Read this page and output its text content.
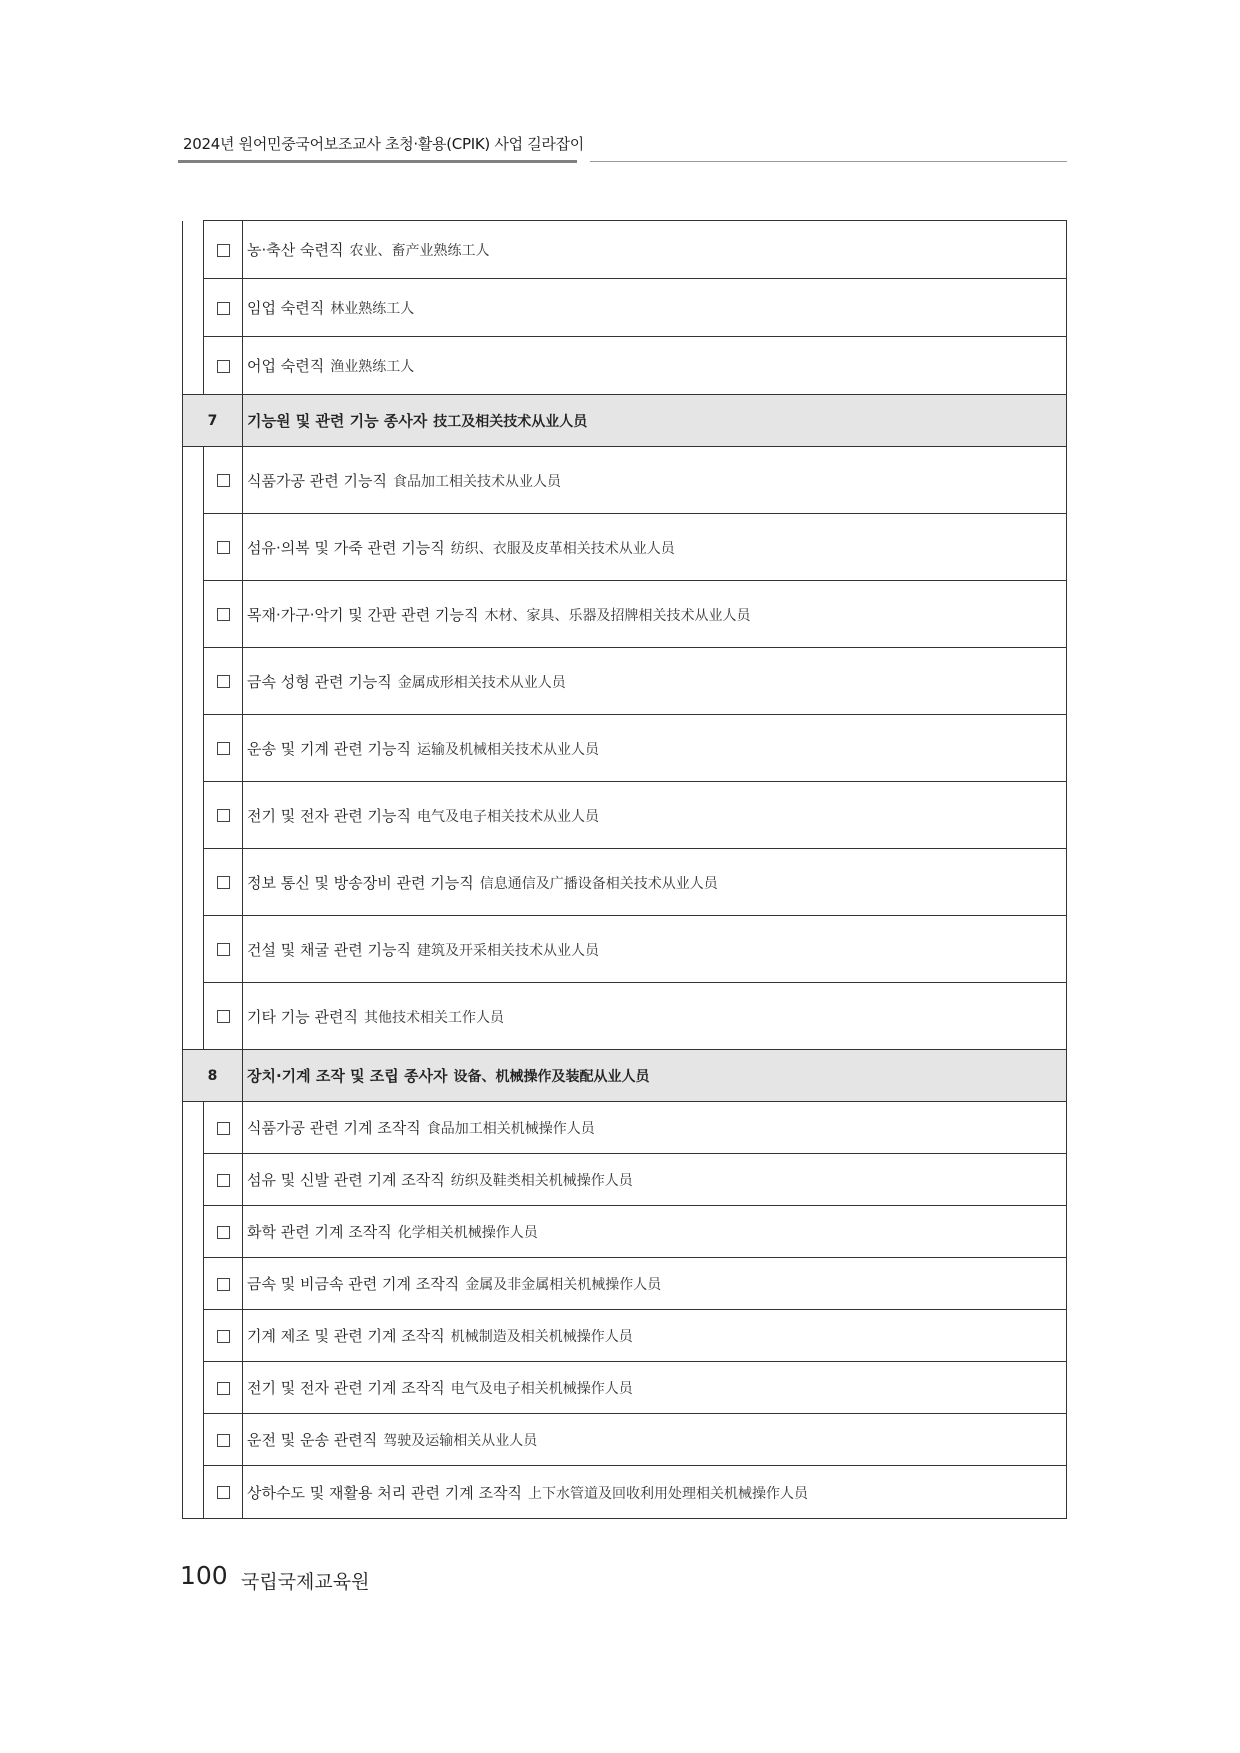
2024년 원어민중국어보조교사 초청·활용(CPIK) 사업 길라잡이
		농·축산 숙련직 农业、畜产业熟练工人
		임업 숙련직 林业熟练工人
		어업 숙련직 渔业熟练工人
7		기능원 및 관련 기능 종사자 技工及相关技术从业人员
		식품가공 관련 기능직 食品加工相关技术从业人员
		섬유·의복 및 가죽 관련 기능직 纺织、衣服及皮革相关技术从业人员
		목재·가구·악기 및 간판 관련 기능직 木材、家具、乐器及招牌相关技术从业人员
		금속 성형 관련 기능직 金属成形相关技术从业人员
		운송 및 기계 관련 기능직 运输及机械相关技术从业人员
		전기 및 전자 관련 기능직 电气及电子相关技术从业人员
		정보 통신 및 방송장비 관련 기능직 信息通信及广播设备相关技术从业人员
		건설 및 채굴 관련 기능직 建筑及开采相关技术从业人员
		기타 기능 관련직 其他技术相关工作人员
8		장치·기계 조작 및 조립 종사자 设备、机械操作及装配从业人员
		식품가공 관련 기계 조작직 食品加工相关机械操作人员
		섬유 및 신발 관련 기계 조작직 纺织及鞋类相关机械操作人员
		화학 관련 기계 조작직 化学相关机械操作人员
		금속 및 비금속 관련 기계 조작직 金属及非金属相关机械操作人员
		기계 제조 및 관련 기계 조작직 机械制造及相关机械操作人员
		전기 및 전자 관련 기계 조작직 电气及电子相关机械操作人员
		운전 및 운송 관련직 驾驶及运输相关从业人员
		상하수도 및 재활용 처리 관련 기계 조작직 上下水管道及回收利用处理相关机械操作人员
100 국립국제교육원
